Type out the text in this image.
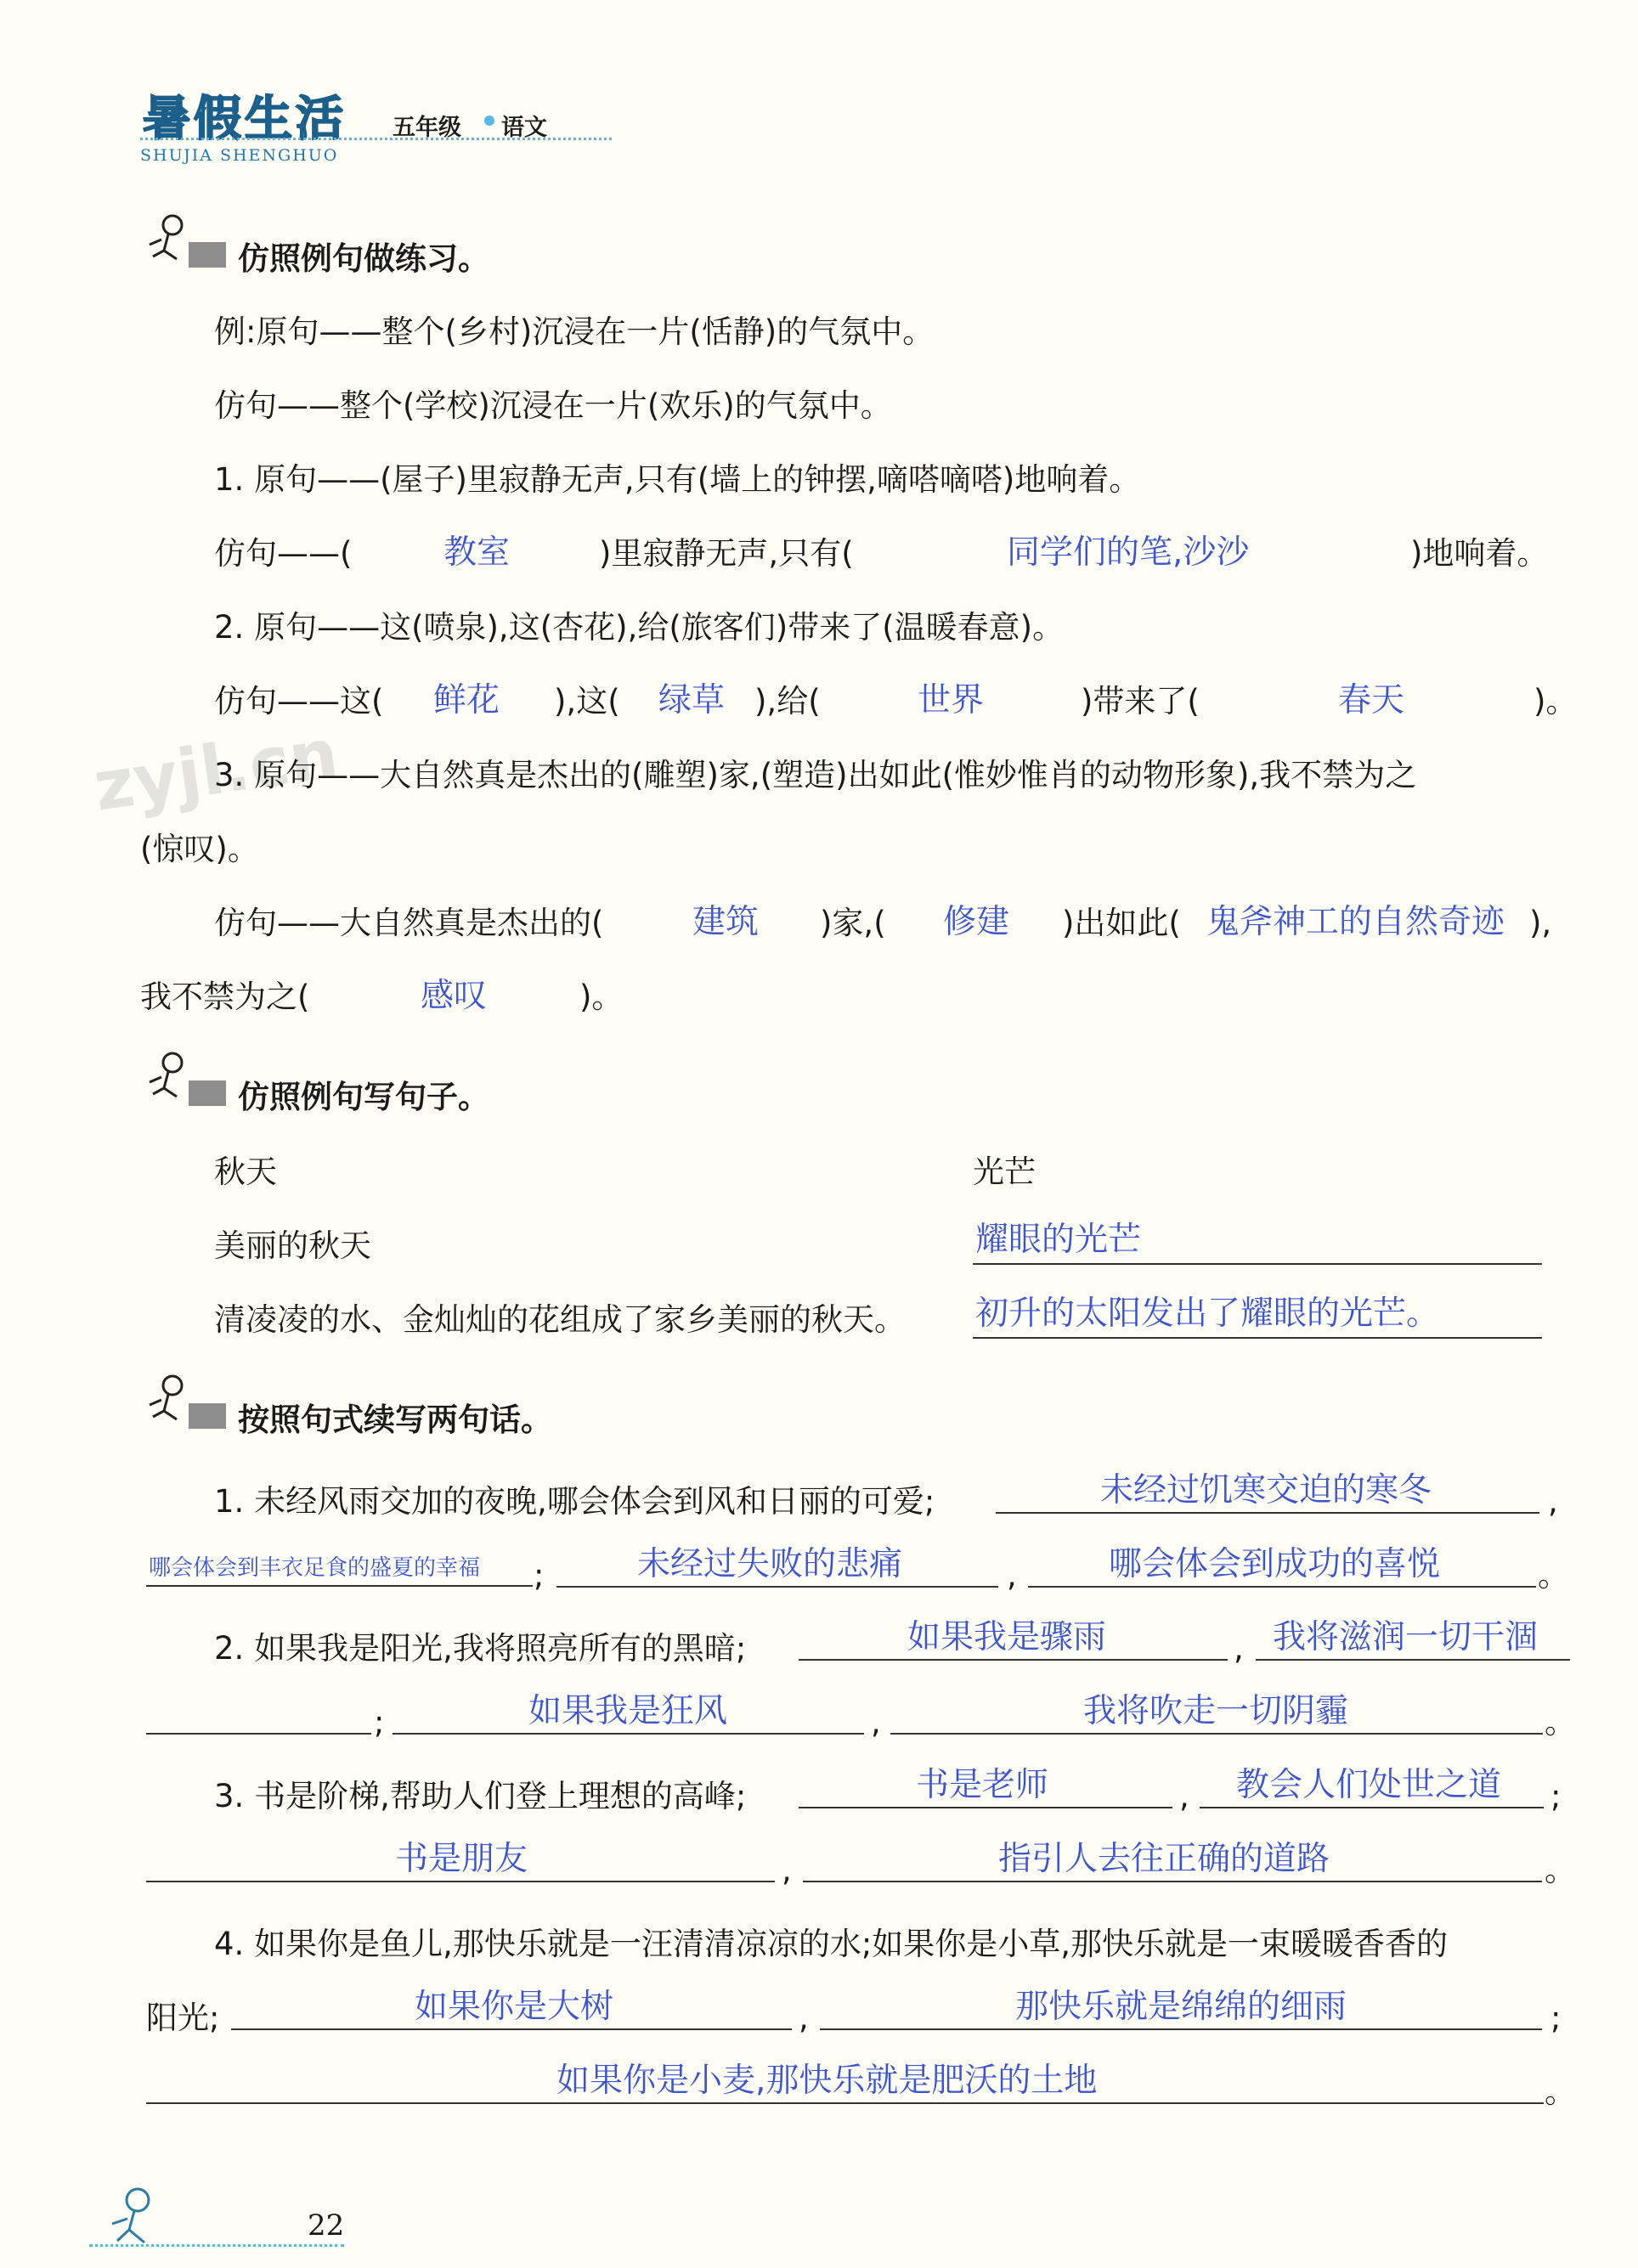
暑假生活
SHUJIA SHENGHUO
五年级 语文
zyjl.cn
仿照例句做练习。
例:原句——整个(乡村)沉浸在一片(恬静)的气氛中。
仿句——整个(学校)沉浸在一片(欢乐)的气氛中。
1. 原句——(屋子)里寂静无声,只有(墙上的钟摆,嘀嗒嘀嗒)地响着。
仿句——(	教室	)里寂静无声,只有(	同学们的笔,沙沙	)地响着。
2. 原句——这(喷泉),这(杏花),给(旅客们)带来了(温暖春意)。
仿句——这( 鲜花 ),这( 绿草 ),给(	世界	)带来了(	春天	)。
3. 原句——大自然真是杰出的(雕塑)家,(塑造)出如此(惟妙惟肖的动物形象),我不禁为之
(惊叹)。
仿句——大自然真是杰出的(	建筑 )家,( 修建 )出如此( 鬼斧神工的自然奇迹 ),
我不禁为之(	感叹	)。
仿照例句写句子。
秋天	光芒
美丽的秋天	耀眼的光芒
清凌凌的水、金灿灿的花组成了家乡美丽的秋天。 初升的太阳发出了耀眼的光芒。
按照句式续写两句话。
1. 未经风雨交加的夜晚,哪会体会到风和日丽的可爱;	未经过饥寒交迫的寒冬	,
哪会体会到丰衣足食的盛夏的幸福 ;	未经过失败的悲痛	,	哪会体会到成功的喜悦	。
2. 如果我是阳光,我将照亮所有的黑暗;	如果我是骤雨	, 我将滋润一切干涸
;	如果我是狂风	,	我将吹走一切阴霾	。
3. 书是阶梯,帮助人们登上理想的高峰;	书是老师	, 教会人们处世之道 ;
书是朋友	,	指引人去往正确的道路	。
4. 如果你是鱼儿,那快乐就是一汪清清凉凉的水;如果你是小草,那快乐就是一束暖暖香香的
阳光;	如果你是大树	,	那快乐就是绵绵的细雨	;
如果你是小麦,那快乐就是肥沃的土地	。
22
